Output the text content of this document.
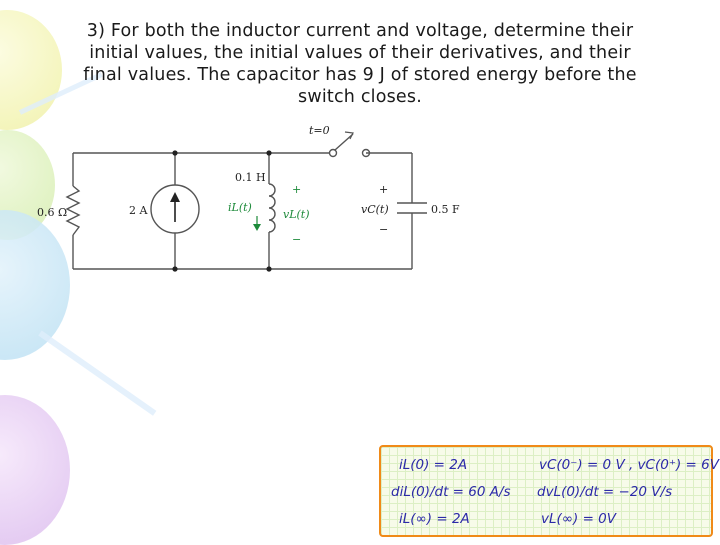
3) For both the inductor current and voltage, determine their
initial values, the initial values of their derivatives, and their
final values. The capacitor has 9 J of stored energy before the
switch closes.
t=0
0.1 H
0.6 Ω	2 A	iL(t)
vL(t)
+
−
vC(t)
+
−
0.5 F
iL(0) = 2A	vC(0⁻) = 0 V , vC(0⁺) = 6V
diL(0)/dt = 60 A/s dvL(0)/dt = −20 V/s
iL(∞) = 2A	vL(∞) = 0V
